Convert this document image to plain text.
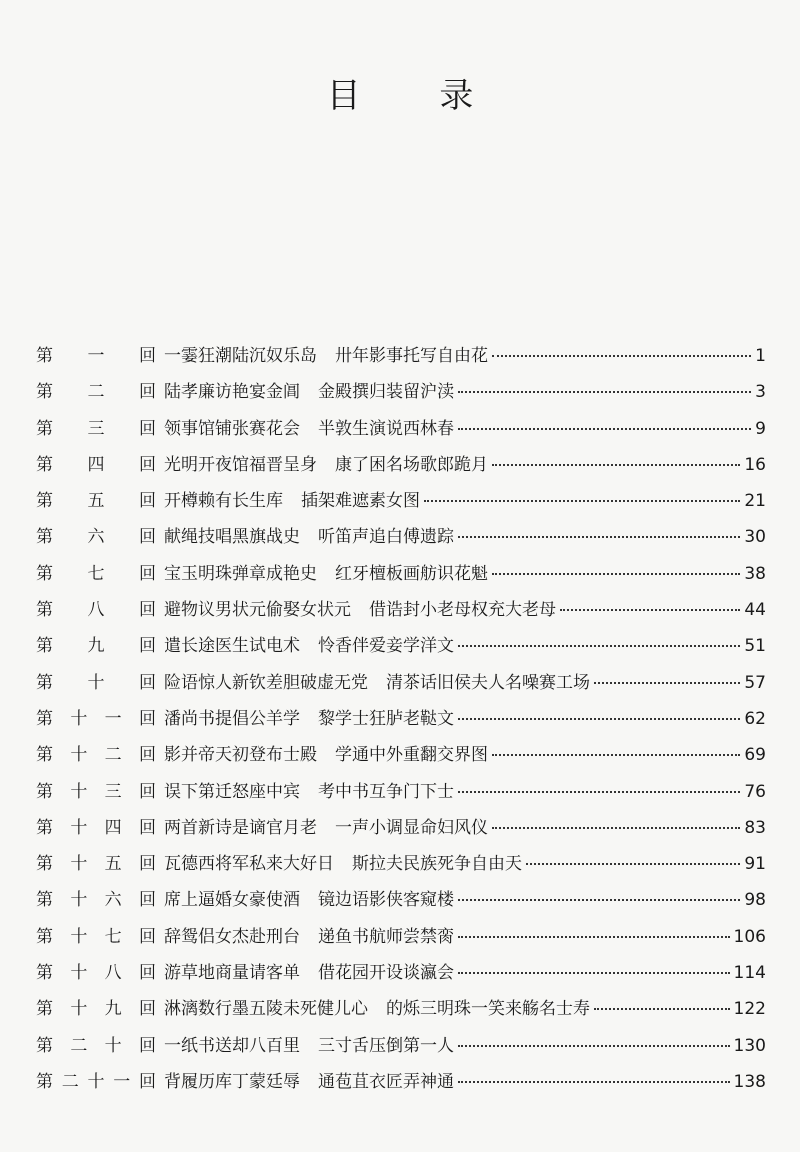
目 录
第 一 回 一霎狂潮陆沉奴乐岛 卅年影事托写自由花	1
第 二 回 陆孝廉访艳宴金阊 金殿撰归装留沪渎	3
第 三 回 领事馆铺张赛花会 半敦生演说西林春	9
第 四 回 光明开夜馆福晋呈身 康了困名场歌郎跪月	16
第 五 回 开樽赖有长生库 插架难遮素女图	21
第 六 回 献绳技唱黑旗战史 听笛声追白傅遗踪	30
第 七 回 宝玉明珠弹章成艳史 红牙檀板画舫识花魁	38
第 八 回 避物议男状元偷娶女状元 借诰封小老母权充大老母	44
第 九 回 遣长途医生试电术 怜香伴爱妾学洋文	51
第 十 回 险语惊人新钦差胆破虚无党 清茶话旧侯夫人名噪赛工场	57
第 十 一 回 潘尚书提倡公羊学 黎学士狂胪老鞑文	62
第 十 二 回 影并帝天初登布士殿 学通中外重翻交界图	69
第 十 三 回 误下第迁怒座中宾 考中书互争门下士	76
第 十 四 回 两首新诗是谪官月老 一声小调显命妇风仪	83
第 十 五 回 瓦德西将军私来大好日 斯拉夫民族死争自由天	91
第 十 六 回 席上逼婚女豪使酒 镜边语影侠客窥楼	98
第 十 七 回 辞鸳侣女杰赴刑台 递鱼书航师尝禁脔	106
第 十 八 回 游草地商量请客单 借花园开设谈瀛会	114
第 十 九 回 淋漓数行墨五陵未死健儿心 的烁三明珠一笑来觞名士寿	122
第 二 十 回 一纸书送却八百里 三寸舌压倒第一人	130
第 二 十 一 回 背履历库丁蒙廷辱 通苞苴衣匠弄神通	138
